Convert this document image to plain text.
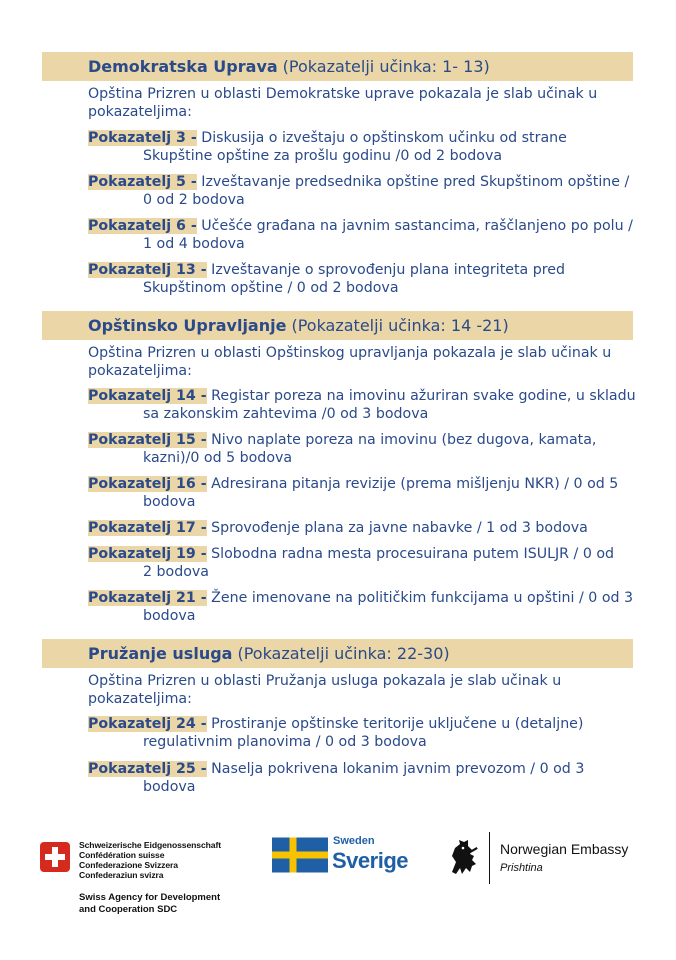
Demokratska Uprava (Pokazatelji učinka: 1- 13)
Opština Prizren u oblasti Demokratske uprave pokazala je slab učinak u pokazateljima:
Pokazatelj 3 - Diskusija o izveštaju o opštinskom učinku od strane
Skupštine opštine za prošlu godinu /0 od 2 bodova
Pokazatelj 5 - Izveštavanje predsednika opštine pred Skupštinom opštine /
0 od 2 bodova
Pokazatelj 6 - Učešće građana na javnim sastancima, raščlanjeno po polu /
1 od 4 bodova
Pokazatelj 13 - Izveštavanje o sprovođenju plana integriteta pred
Skupštinom opštine / 0 od 2 bodova
Opštinsko Upravljanje (Pokazatelji učinka: 14 -21)
Opština Prizren u oblasti Opštinskog upravljanja pokazala je slab učinak u pokazateljima:
Pokazatelj 14 - Registar poreza na imovinu ažuriran svake godine, u skladu
sa zakonskim zahtevima /0 od 3 bodova
Pokazatelj 15 - Nivo naplate poreza na imovinu (bez dugova, kamata,
kazni)/0 od 5 bodova
Pokazatelj 16 - Adresirana pitanja revizije (prema mišljenju NKR) / 0 od 5
bodova
Pokazatelj 17 - Sprovođenje plana za javne nabavke / 1 od 3 bodova
Pokazatelj 19 - Slobodna radna mesta procesuirana putem ISULJR / 0 od
2 bodova
Pokazatelj 21 - Žene imenovane na političkim funkcijama u opštini / 0 od 3
bodova
Pružanje usluga (Pokazatelji učinka: 22-30)
Opština Prizren u oblasti Pružanja usluga pokazala je slab učinak u pokazateljima:
Pokazatelj 24 - Prostiranje opštinske teritorije uključene u (detaljne)
regulativnim planovima / 0 od 3 bodova
Pokazatelj 25 - Naselja pokrivena lokanim javnim prevozom / 0 od 3
bodova
Schweizerische Eidgenossenschaft
Confédération suisse
Confederazione Svizzera
Confederaziun svizra
Swiss Agency for Development
and Cooperation SDC
Sweden
Sverige	Norwegian Embassy
Prishtina
